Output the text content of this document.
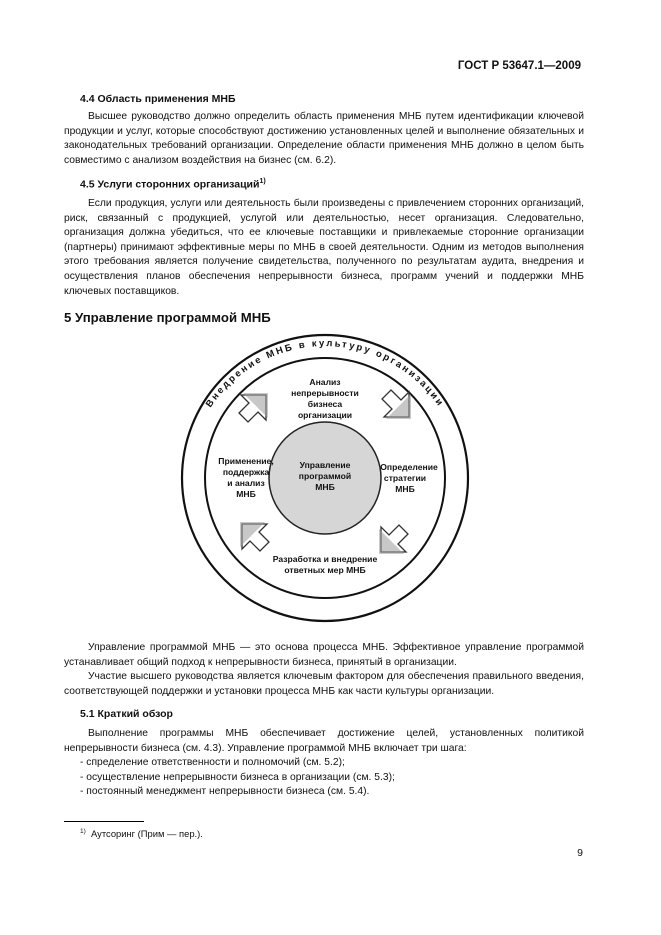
ГОСТ Р 53647.1—2009
4.4 Область применения МНБ

Высшее руководство должно определить область применения МНБ путем идентификации ключевой продукции и услуг, которые способствуют достижению установленных целей и выполнение обязательных и законодательных требований организации. Определение области применения МНБ должно в целом быть совместимо с анализом воздействия на бизнес (см. 6.2).

4.5 Услуги сторонних организаций$^{1)}$

Если продукция, услуги или деятельность были произведены с привлечением сторонних организаций, риск, связанный с продукцией, услугой или деятельностью, несет организация. Следовательно, организация должна убедиться, что ее ключевые поставщики и привлекаемые сторонние организации (партнеры) принимают эффективные меры по МНБ в своей деятельности. Одним из методов выполнения этого требования является получение свидетельства, полученного по результатам аудита, внедрения и осуществления планов обеспечения непрерывности бизнеса, программ учений и поддержки МНБ ключевых поставщиков.

5 Управление программой МНБ
Внедрение МНБ в культуру организации
Управление
программой
МНБ
Анализ
непрерывности
бизнеса
организации
Определение
стратегии
МНБ
Разработка и внедрение
ответных мер МНБ
Применение,
поддержка
и анализ
МНБ

Управление программой МНБ — это основа процесса МНБ. Эффективное управление программой устанавливает общий подход к непрерывности бизнеса, принятый в организации.

Участие высшего руководства является ключевым фактором для обеспечения правильного введения, соответствующей поддержки и установки процесса МНБ как части культуры организации.

5.1 Краткий обзор

Выполнение программы МНБ обеспечивает достижение целей, установленных политикой непрерывности бизнеса (см. 4.3). Управление программой МНБ включает три шага:

- спределение ответственности и полномочий (см. 5.2);
- осуществление непрерывности бизнеса в организации (см. 5.3);
- постоянный менеджмент непрерывности бизнеса (см. 5.4).
$^{1)}$ Аутсоринг (Прим — пер.).
9
